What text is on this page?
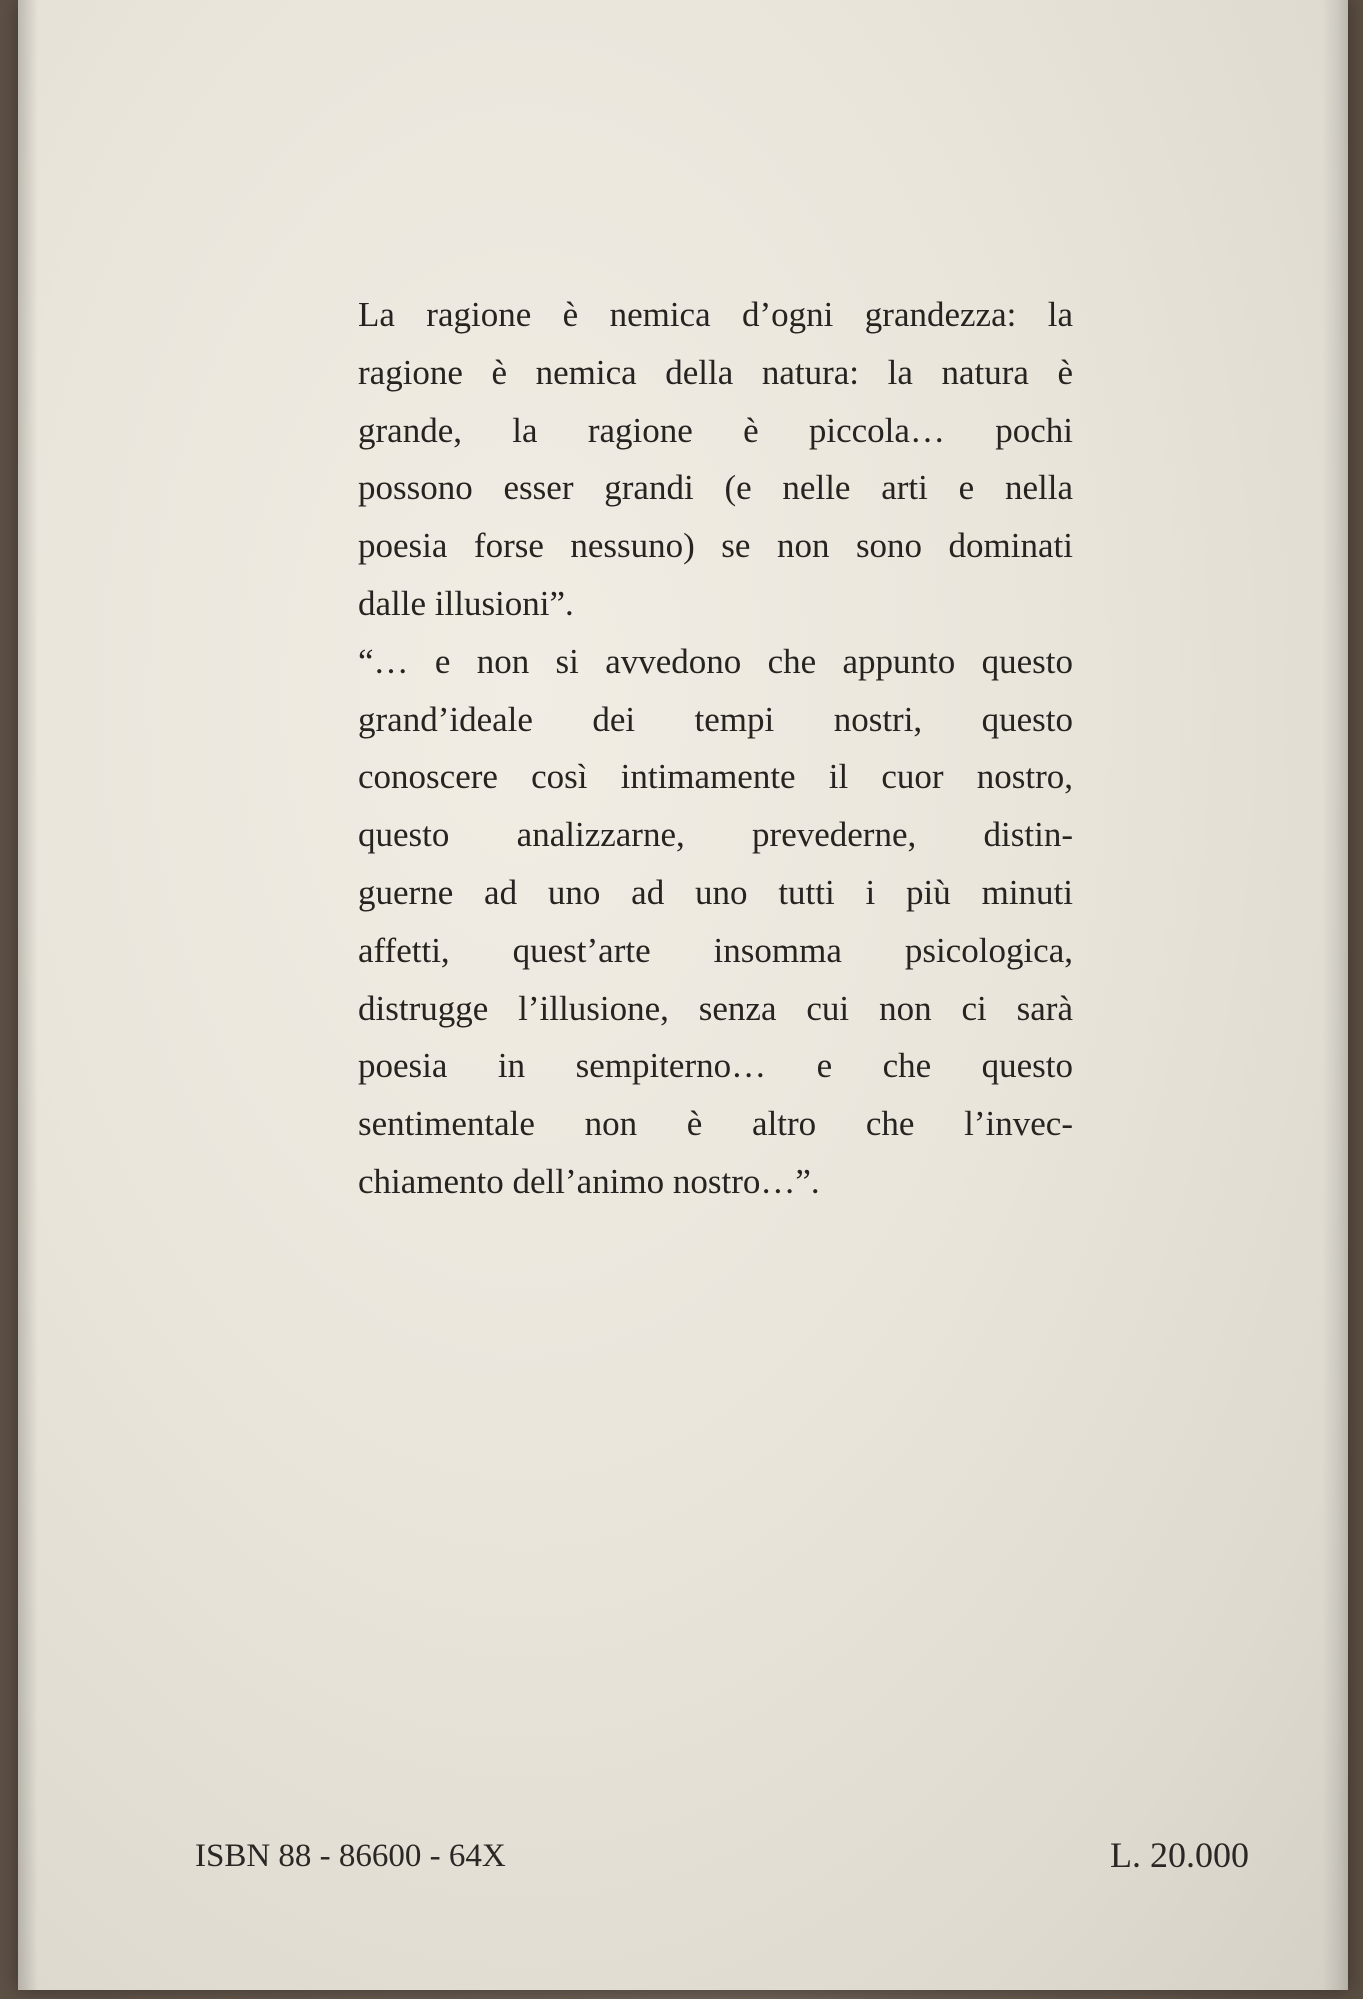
La ragione è nemica d’ogni grandezza: la
ragione è nemica della natura: la natura è
grande, la ragione è piccola… pochi
possono esser grandi (e nelle arti e nella
poesia forse nessuno) se non sono dominati
dalle illusioni”.
“… e non si avvedono che appunto questo
grand’ideale dei tempi nostri, questo
conoscere così intimamente il cuor nostro,
questo analizzarne, prevederne, distin-
guerne ad uno ad uno tutti i più minuti
affetti, quest’arte insomma psicologica,
distrugge l’illusione, senza cui non ci sarà
poesia in sempiterno… e che questo
sentimentale non è altro che l’invec-
chiamento dell’animo nostro…”.
ISBN 88 - 86600 - 64X	L. 20.000
